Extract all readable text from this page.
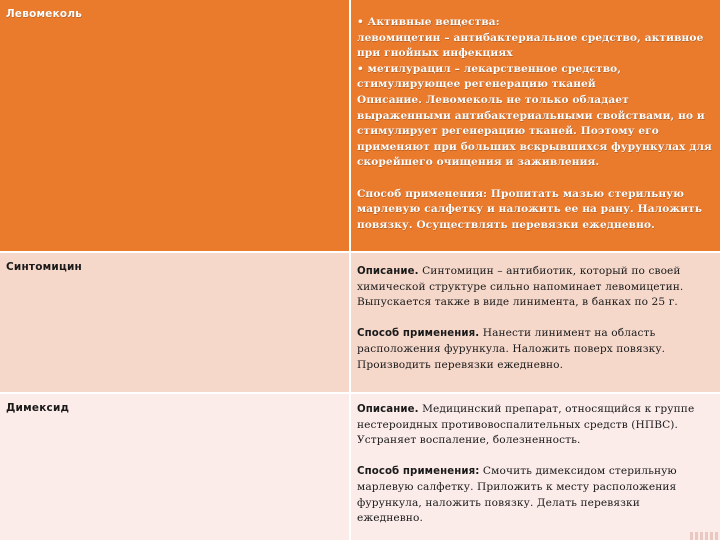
Левомеколь

• Активные вещества:

левомицетин – антибактериальное средство, активное

при гнойных инфекциях

• метилурацил – лекарственное средство,

стимулирующее регенерацию тканей

Описание. Левомеколь не только обладает

выраженными антибактериальными свойствами, но и

стимулирует регенерацию тканей. Поэтому его

применяют при больших вскрывшихся фурункулах для

скорейшего очищения и заживления.

Способ применения: Пропитать мазью стерильную

марлевую салфетку и наложить ее на рану. Наложить

повязку. Осуществлять перевязки ежедневно.

Синтомицин	Описание. Синтомицин – антибиотик, который по своей

химической структуре сильно напоминает левомицетин.

Выпускается также в виде линимента, в банках по 25 г.

Способ применения. Нанести линимент на область

расположения фурункула. Наложить поверх повязку.

Производить перевязки ежедневно.

Димексид	Описание. Медицинский препарат, относящийся к группе

нестероидных противовоспалительных средств (НПВС).

Устраняет воспаление, болезненность.

Способ применения: Смочить димексидом стерильную

марлевую салфетку. Приложить к месту расположения

фурункула, наложить повязку. Делать перевязки

ежедневно.
